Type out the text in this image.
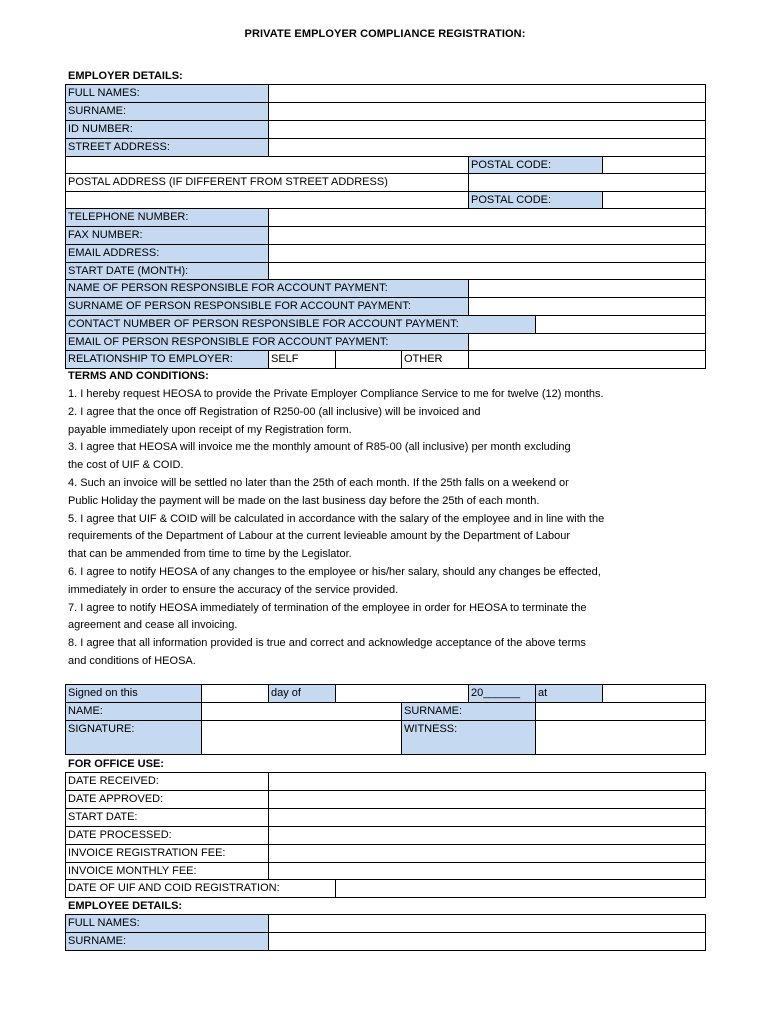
PRIVATE EMPLOYER COMPLIANCE REGISTRATION:
EMPLOYER DETAILS:
FULL NAMES:
SURNAME:
ID NUMBER:
STREET ADDRESS:
POSTAL CODE:
POSTAL ADDRESS (IF DIFFERENT FROM STREET ADDRESS)
POSTAL CODE:
TELEPHONE NUMBER:
FAX NUMBER:
EMAIL ADDRESS:
START DATE (MONTH):
NAME OF PERSON RESPONSIBLE FOR ACCOUNT PAYMENT:
SURNAME OF PERSON RESPONSIBLE FOR ACCOUNT PAYMENT:
CONTACT NUMBER OF PERSON RESPONSIBLE FOR ACCOUNT PAYMENT:
EMAIL OF PERSON RESPONSIBLE FOR ACCOUNT PAYMENT:
RELATIONSHIP TO EMPLOYER:	SELF	OTHER
TERMS AND CONDITIONS:

1. I hereby request HEOSA to provide the Private Employer Compliance Service to me for twelve (12) months.

2. I agree that the once off Registration of R250-00 (all inclusive) will be invoiced and

payable immediately upon receipt of my Registration form.

3. I agree that HEOSA will invoice me the monthly amount of R85-00 (all inclusive) per month excluding

the cost of UIF & COID.

4. Such an invoice will be settled no later than the 25th of each month. If the 25th falls on a weekend or

Public Holiday the payment will be made on the last business day before the 25th of each month.

5. I agree that UIF & COID will be calculated in accordance with the salary of the employee and in line with the

requirements of the Department of Labour at the current levieable amount by the Department of Labour

that can be ammended from time to time by the Legislator.

6. I agree to notify HEOSA of any changes to the employee or his/her salary, should any changes be effected,

immediately in order to ensure the accuracy of the service provided.

7. I agree to notify HEOSA immediately of termination of the employee in order for HEOSA to terminate the

agreement and cease all invoicing.

8. I agree that all information provided is true and correct and acknowledge acceptance of the above terms

and conditions of HEOSA.

Signed on this	day of	20______	at
NAME:	SURNAME:
SIGNATURE:	WITNESS:
FOR OFFICE USE:
DATE RECEIVED:
DATE APPROVED:
START DATE:
DATE PROCESSED:
INVOICE REGISTRATION FEE:
INVOICE MONTHLY FEE:
DATE OF UIF AND COID REGISTRATION:
EMPLOYEE DETAILS:
FULL NAMES:
SURNAME:
